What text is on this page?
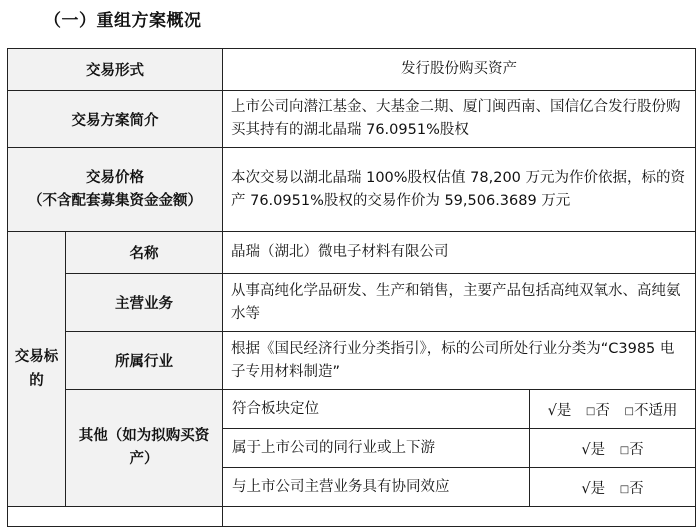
（一）重组方案概况
交易形式		发行股份购买资产	
交易方案简介		上市公司向潜江基金、大基金二期、厦门闽西南、国信亿合发行股份购买其持有的湖北晶瑞 76.0951%股权	

交易价格
（不含配套募集资金金额）		本次交易以湖北晶瑞 100%股权估值 78,200 万元为作价依据，标的资产 76.0951%股权的交易作价为 59,506.3689 万元	
交易标的	名称	晶瑞（湖北）微电子材料有限公司	
	主营业务	从事高纯化学品研发、生产和销售，主要产品包括高纯双氧水、高纯氨水等	
	所属行业	根据《国民经济行业分类指引》，标的公司所处行业分类为“C3985 电子专用材料制造”	
	其他（如为拟购买资产）	符合板块定位	√是 □否 □不适用
		属于上市公司的同行业或上下游	√是 □否
		与上市公司主营业务具有协同效应	√是 □否
